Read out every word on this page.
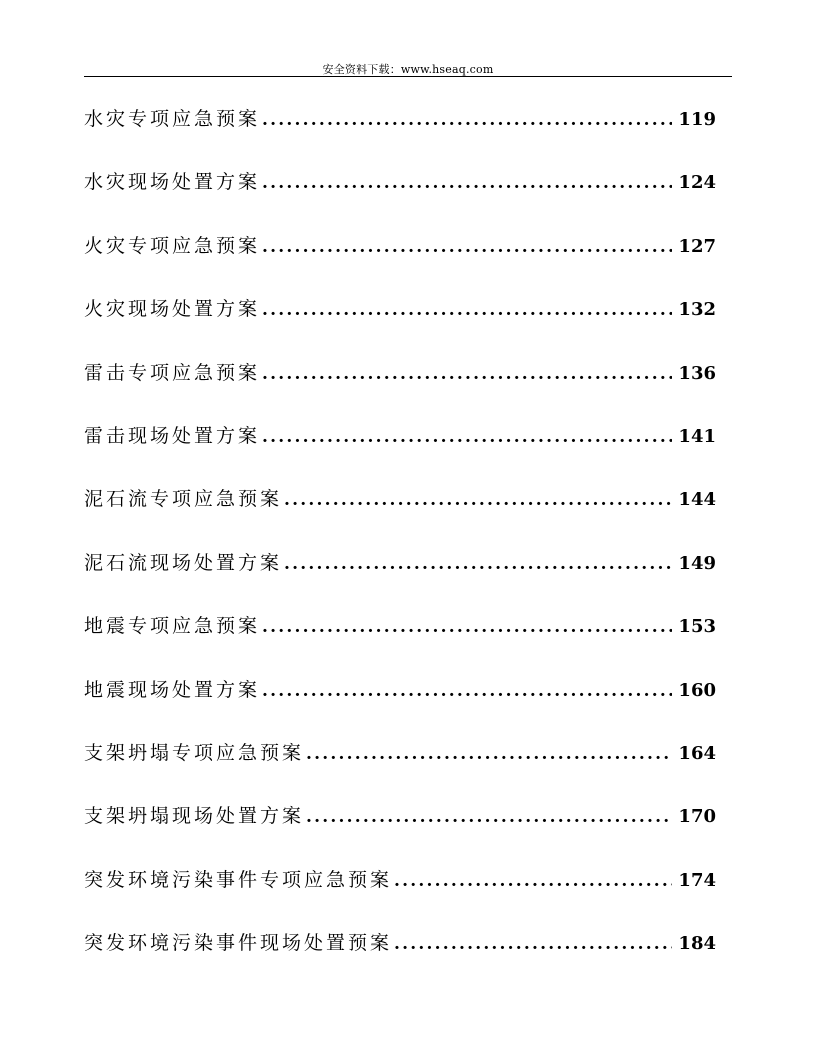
安全资料下载：www.hseaq.com
水灾专项应急预案 .....	119
水灾现场处置方案 .....	124
火灾专项应急预案 .....	127
火灾现场处置方案 .....	132
雷击专项应急预案 .....	136
雷击现场处置方案 .....	141
泥石流专项应急预案 .....	144
泥石流现场处置方案 .....	149
地震专项应急预案 .....	153
地震现场处置方案 .....	160
支架坍塌专项应急预案 .....	164
支架坍塌现场处置方案 .....	170
突发环境污染事件专项应急预案 .....	174
突发环境污染事件现场处置预案 .....	184
